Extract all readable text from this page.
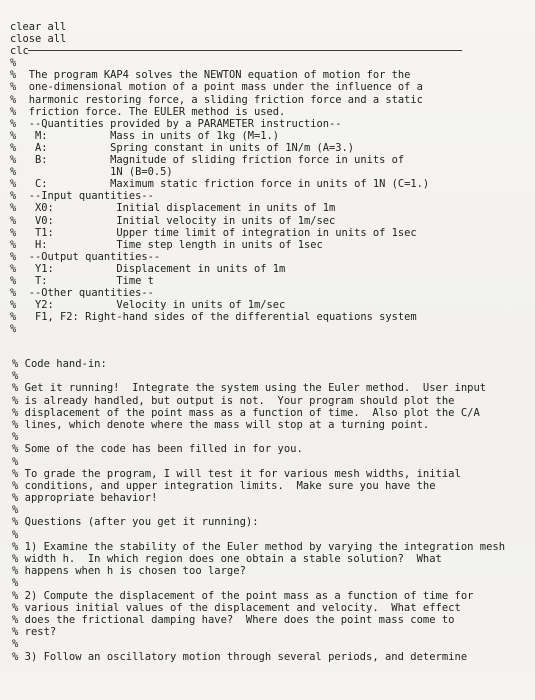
clear all
close all
clc
%
%  The program KAP4 solves the NEWTON equation of motion for the
%  one-dimensional motion of a point mass under the influence of a
%  harmonic restoring force, a sliding friction force and a static
%  friction force. The EULER method is used.
%  --Quantities provided by a PARAMETER instruction--
%   M:          Mass in units of 1kg (M=1.)
%   A:          Spring constant in units of 1N/m (A=3.)
%   B:          Magnitude of sliding friction force in units of
%               1N (B=0.5)
%   C:          Maximum static friction force in units of 1N (C=1.)
%  --Input quantities--
%   X0:          Initial displacement in units of 1m
%   V0:          Initial velocity in units of 1m/sec
%   T1:          Upper time limit of integration in units of 1sec
%   H:           Time step length in units of 1sec
%  --Output quantities--
%   Y1:          Displacement in units of 1m
%   T:           Time t
%  --Other quantities--
%   Y2:          Velocity in units of 1m/sec
%   F1, F2: Right-hand sides of the differential equations system
%
% Code hand-in:
%
% Get it running!  Integrate the system using the Euler method.  User input
% is already handled, but output is not.  Your program should plot the
% displacement of the point mass as a function of time.  Also plot the C/A
% lines, which denote where the mass will stop at a turning point.
%
% Some of the code has been filled in for you.
%
% To grade the program, I will test it for various mesh widths, initial
% conditions, and upper integration limits.  Make sure you have the
% appropriate behavior!
%
% Questions (after you get it running):
%
% 1) Examine the stability of the Euler method by varying the integration mesh
% width h.  In which region does one obtain a stable solution?  What
% happens when h is chosen too large?
%
% 2) Compute the displacement of the point mass as a function of time for
% various initial values of the displacement and velocity.  What effect
% does the frictional damping have?  Where does the point mass come to
% rest?
%
% 3) Follow an oscillatory motion through several periods, and determine
